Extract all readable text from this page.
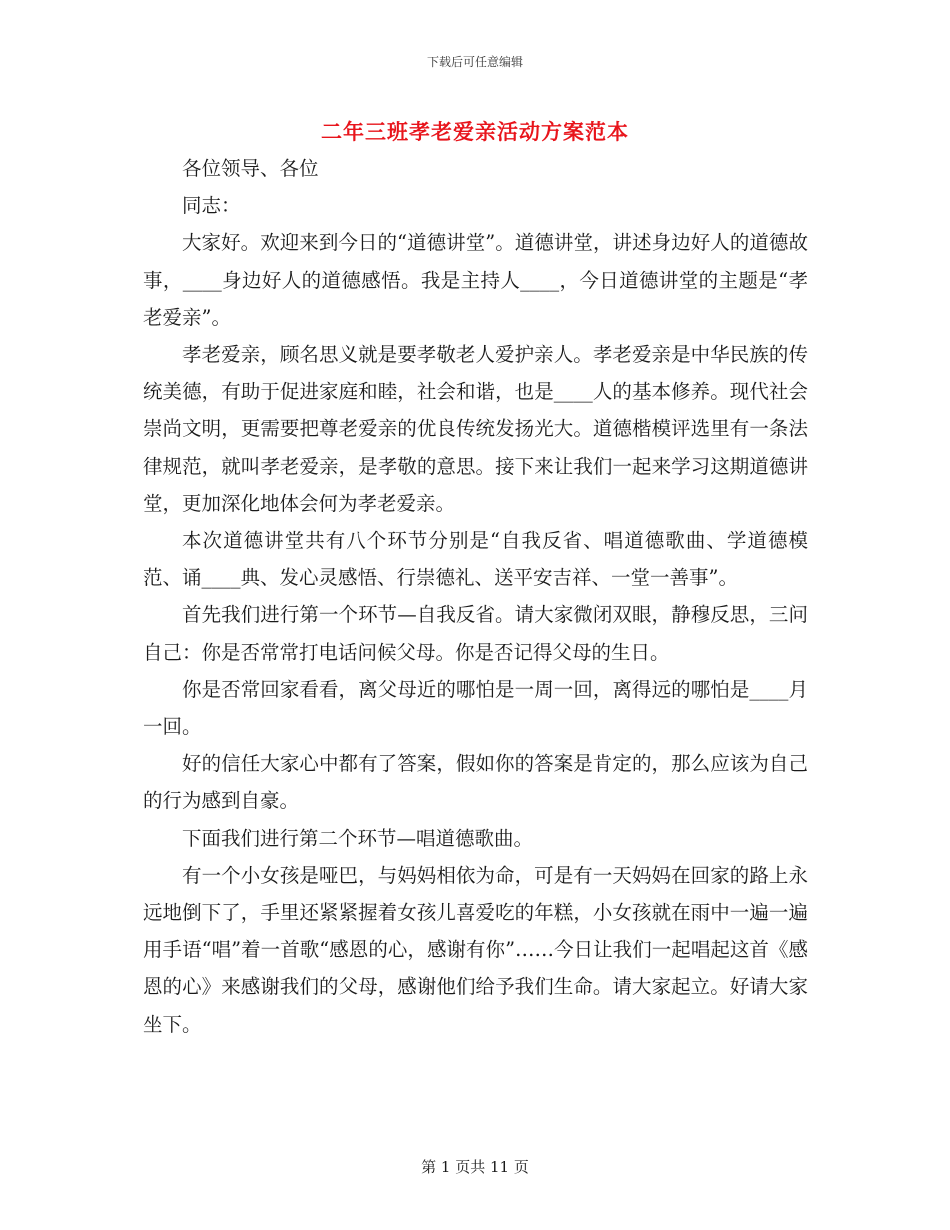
下载后可任意编辑
二年三班孝老爱亲活动方案范本

各位领导、各位

同志：

大家好。欢迎来到今日的“道德讲堂”。道德讲堂，讲述身边好人的道德故事，____身边好人的道德感悟。我是主持人____，今日道德讲堂的主题是“孝老爱亲”。

孝老爱亲，顾名思义就是要孝敬老人爱护亲人。孝老爱亲是中华民族的传统美德，有助于促进家庭和睦，社会和谐，也是____人的基本修养。现代社会崇尚文明，更需要把尊老爱亲的优良传统发扬光大。道德楷模评选里有一条法律规范，就叫孝老爱亲，是孝敬的意思。接下来让我们一起来学习这期道德讲堂，更加深化地体会何为孝老爱亲。

本次道德讲堂共有八个环节分别是“自我反省、唱道德歌曲、学道德模范、诵____典、发心灵感悟、行崇德礼、送平安吉祥、一堂一善事”。

首先我们进行第一个环节—自我反省。请大家微闭双眼，静穆反思，三问自己：你是否常常打电话问候父母。你是否记得父母的生日。

你是否常回家看看，离父母近的哪怕是一周一回，离得远的哪怕是____月一回。

好的信任大家心中都有了答案，假如你的答案是肯定的，那么应该为自己的行为感到自豪。

下面我们进行第二个环节—唱道德歌曲。

有一个小女孩是哑巴，与妈妈相依为命，可是有一天妈妈在回家的路上永远地倒下了，手里还紧紧握着女孩儿喜爱吃的年糕，小女孩就在雨中一遍一遍用手语“唱”着一首歌“感恩的心，感谢有你”……今日让我们一起唱起这首《感恩的心》来感谢我们的父母，感谢他们给予我们生命。请大家起立。好请大家坐下。

第 1 页共 11 页
